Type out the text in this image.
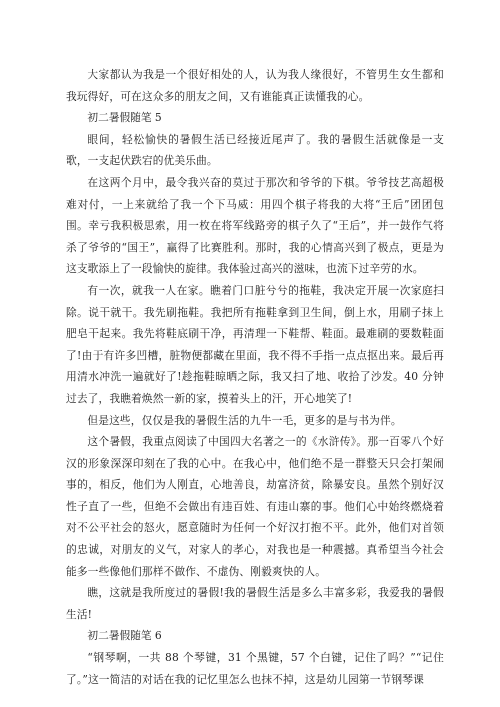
大家都认为我是一个很好相处的人，认为我人缘很好，不管男生女生都和我玩得好，可在这众多的朋友之间，又有谁能真正读懂我的心。

初二暑假随笔 5

眼间，轻松愉快的暑假生活已经接近尾声了。我的暑假生活就像是一支歌，一支起伏跌宕的优美乐曲。

在这两个月中，最令我兴奋的莫过于那次和爷爷的下棋。爷爷技艺高超极难对付，一上来就给了我一个下马威：用四个棋子将我的大将“王后”团团包围。幸亏我积极思索，用一枚在将军线路旁的棋子久了“王后”，并一鼓作气将杀了爷爷的“国王”，赢得了比赛胜利。那时，我的心情高兴到了极点，更是为这支歌添上了一段愉快的旋律。我体验过高兴的滋味，也流下过辛劳的水。

有一次，就我一人在家。瞧着门口脏兮兮的拖鞋，我决定开展一次家庭扫除。说干就干。我先刷拖鞋。我把所有拖鞋拿到卫生间，倒上水，用刷子抹上肥皂干起来。我先将鞋底刷干净，再清理一下鞋帮、鞋面。最难刷的要数鞋面了!由于有许多凹槽，脏物便都藏在里面，我不得不手指一点点抠出来。最后再用清水冲洗一遍就好了!趁拖鞋晾晒之际，我又扫了地、收拾了沙发。40 分钟过去了，我瞧着焕然一新的家，摸着头上的汗，开心地笑了!

但是这些，仅仅是我的暑假生活的九牛一毛，更多的是与书为伴。

这个暑假，我重点阅读了中国四大名著之一的《水浒传》。那一百零八个好汉的形象深深印刻在了我的心中。在我心中，他们绝不是一群整天只会打架闹事的，相反，他们为人刚直，心地善良，劫富济贫，除暴安良。虽然个别好汉性子直了一些，但绝不会做出有违百姓、有违山寨的事。他们心中始终燃烧着对不公平社会的怒火，愿意随时为任何一个好汉打抱不平。此外，他们对首领的忠诚，对朋友的义气，对家人的孝心，对我也是一种震撼。真希望当今社会能多一些像他们那样不做作、不虚伪、刚毅爽快的人。

瞧，这就是我所度过的暑假!我的暑假生活是多么丰富多彩，我爱我的暑假生活!

初二暑假随笔 6

“钢琴啊，一共 88 个琴键，31 个黑键，57 个白键，记住了吗？”“记住了。”这一简洁的对话在我的记忆里怎么也抹不掉，这是幼儿园第一节钢琴课
